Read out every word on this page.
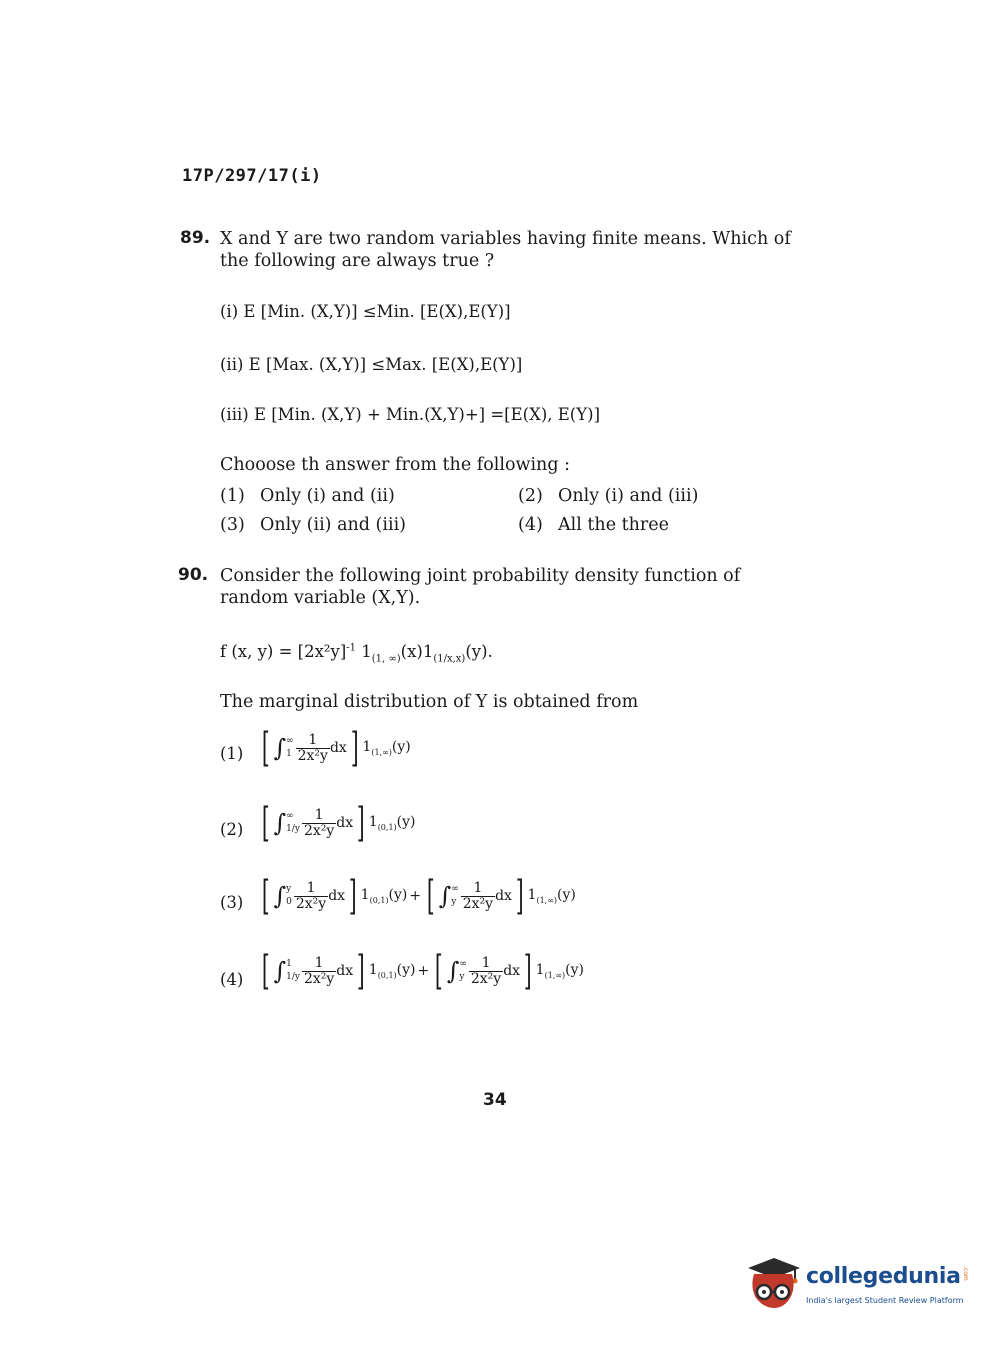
17P/297/17(i)
89. X and Y are two random variables having finite means. Which of the following are always true ?
(i) E [Min. (X,Y)] ≤Min. [E(X),E(Y)]
(ii) E [Max. (X,Y)] ≤Max. [E(X),E(Y)]
(iii) E [Min. (X,Y) + Min.(X,Y)+] =[E(X), E(Y)]
Chooose th answer from the following :
(1) Only (i) and (ii)	(2) Only (i) and (iii)
(3) Only (ii) and (iii)	(4) All the three
90. Consider the following joint probability density function of random variable (X,Y).
f (x, $y) = [2x^2y]^{-1}$ $1_{(1, \infty)}(x)1_{(1/x,x)}(y)$.
The marginal distribution of Y is obtained from
(1) [ ∫ ∞
$1 \frac{1}{\text{2x²y}} dx$] $1_{(1,\infty)}(y)$
(2) [ ∫ ∞
$1/y \frac{1}{\text{2x²y}} dx$] $1_{(0,1)}(y)$
(3) [ ∫ y
$0 \frac{1}{\text{2x²y}} dx$] $1_{(0,1)}(y)$ + [ ∫ ∞
y $\frac{1}{\text{2x²y}} dx$] $1_{(1,\infty)}(y)$
(4) [ ∫ 1
$1/y \frac{1}{\text{2x²y}} dx$] $1_{(0,1)}(y)$ + [ ∫ ∞
y $\frac{1}{\text{2x²y}} dx$] $1_{(1,\infty)}(y)$
34
collegedunia .com
India's largest Student Review Platform
